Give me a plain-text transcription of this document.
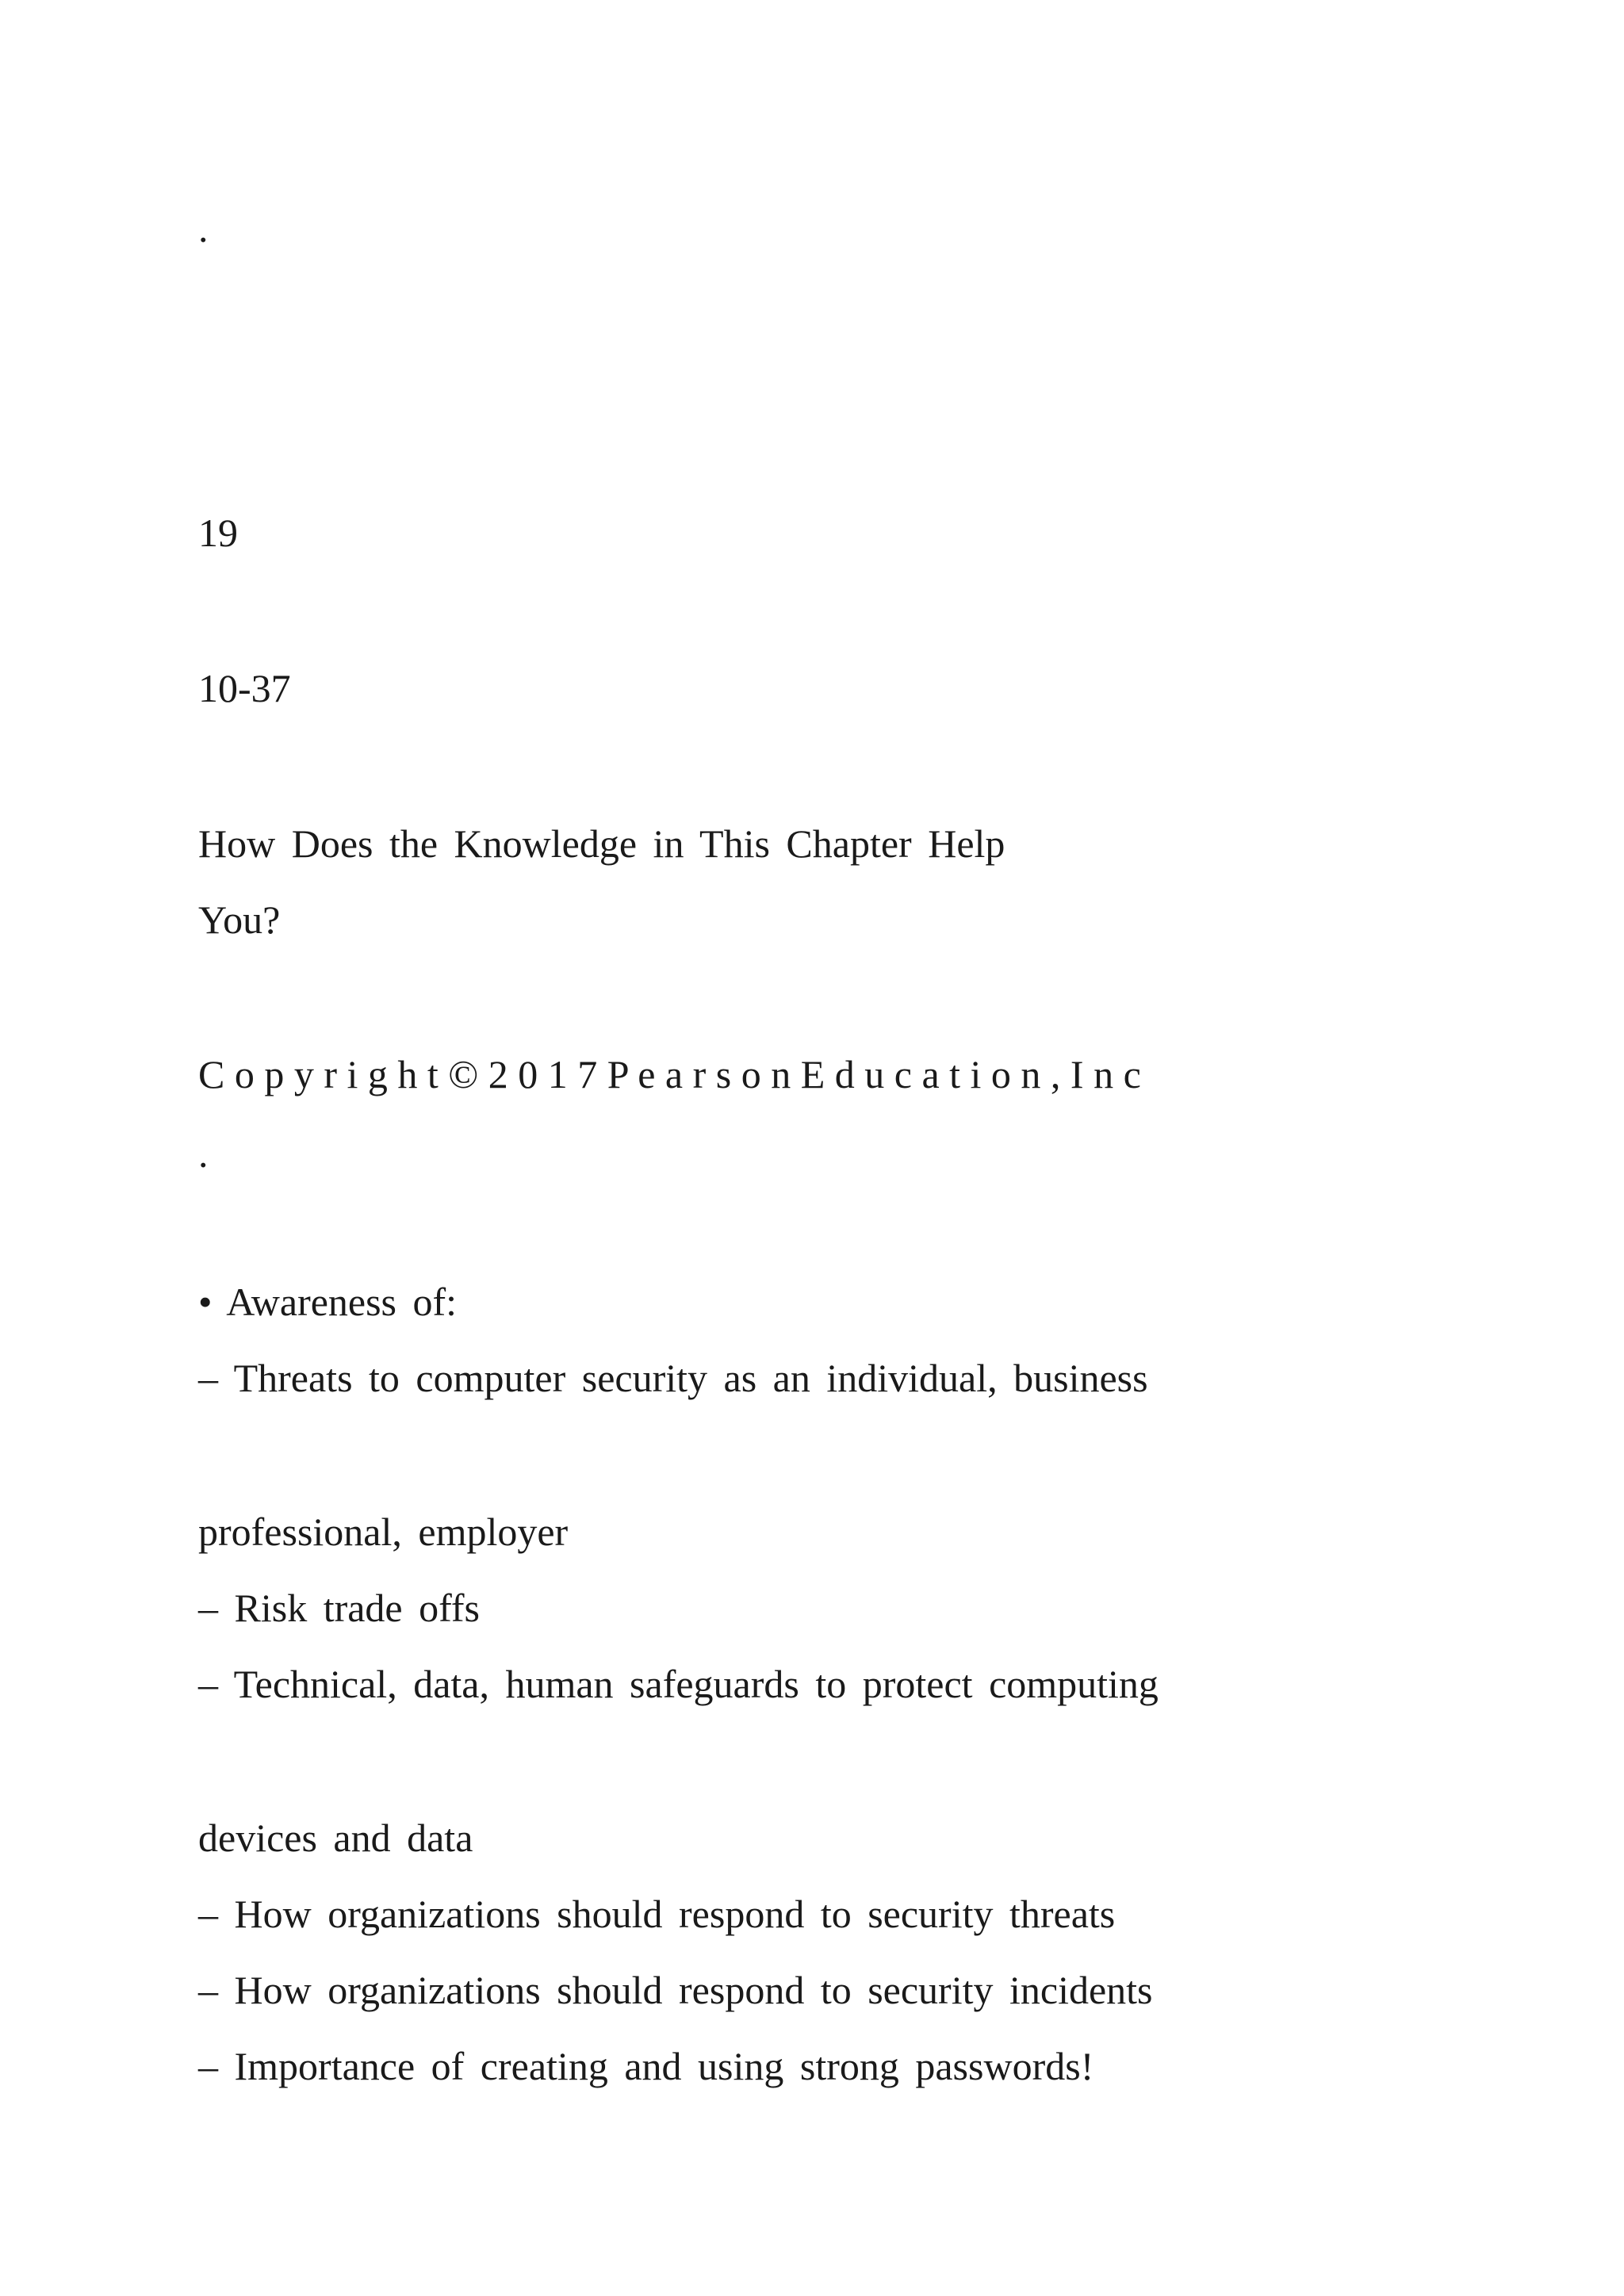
.
19
10-37
How Does the Knowledge in This Chapter Help
You?
C o p y r i g h t © 2 0 1 7 P e a r s o n E d u c a t i o n , I n c
.
• Awareness of:
– Threats to computer security as an individual, business
professional, employer
– Risk trade offs
– Technical, data, human safeguards to protect computing
devices and data
– How organizations should respond to security threats
– How organizations should respond to security incidents
– Importance of creating and using strong passwords!
